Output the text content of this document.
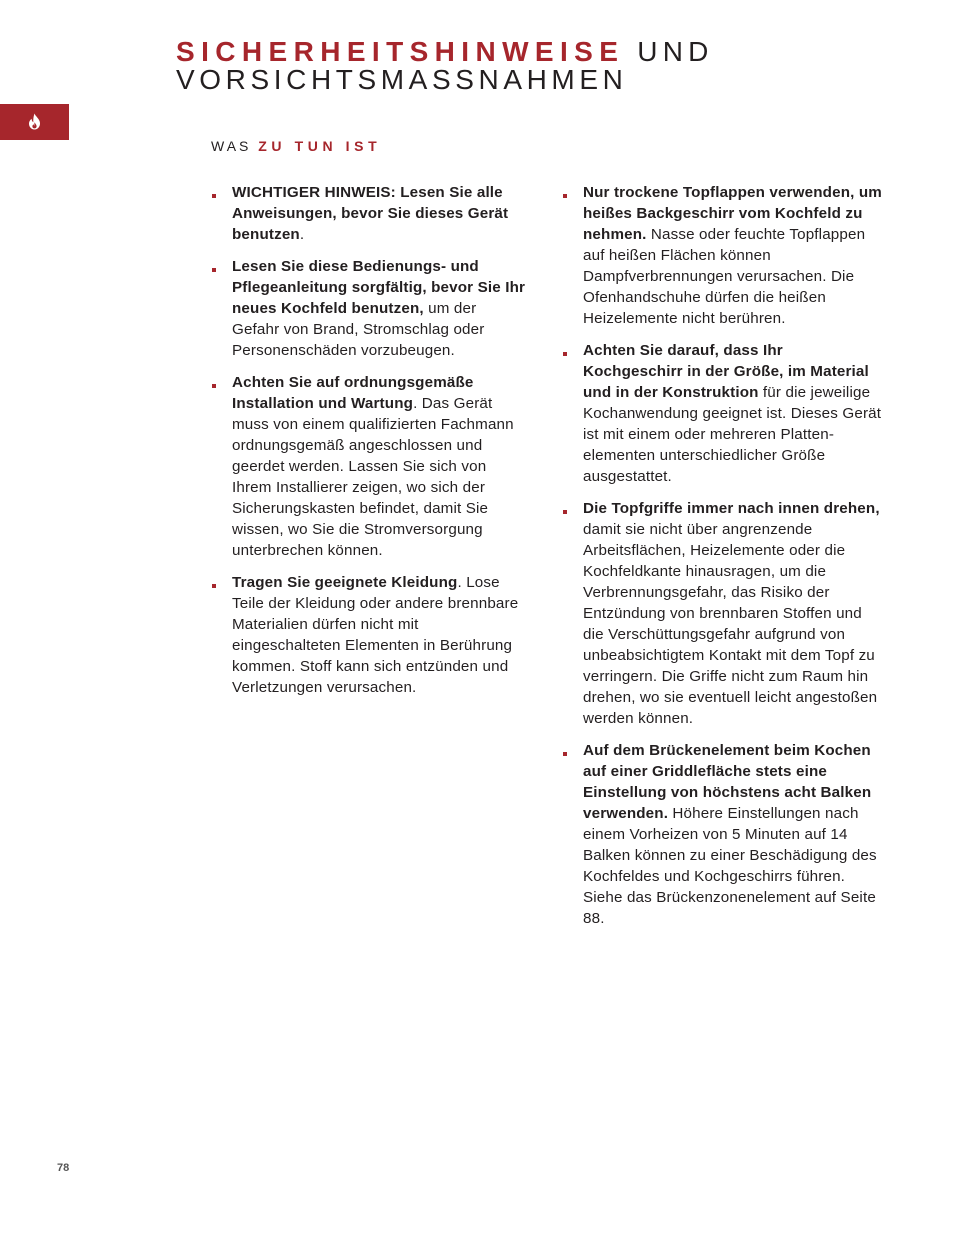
SICHERHEITSHINWEISE UND
VORSICHTSMASSNAHMEN
WAS ZU TUN IST
WICHTIGER HINWEIS: Lesen Sie alle Anweisungen, bevor Sie dieses Gerät benutzen.
Lesen Sie diese Bedienungs- und Pflegeanleitung sorgfältig, bevor Sie Ihr neues Kochfeld benutzen, um der Gefahr von Brand, Stromschlag oder Personenschäden vorzubeugen.
Achten Sie auf ordnungsgemäße Installation und Wartung. Das Gerät muss von einem qualifizierten Fachmann ordnungsgemäß angeschlossen und geerdet werden. Lassen Sie sich von Ihrem Installierer zeigen, wo sich der Sicherungskasten befindet, damit Sie wissen, wo Sie die Stromversorgung unterbrechen können.
Tragen Sie geeignete Kleidung. Lose Teile der Kleidung oder andere brennbare Materialien dürfen nicht mit eingeschalteten Elementen in Berührung kommen. Stoff kann sich entzünden und Verletzungen verursachen.
Nur trockene Topflappen verwenden, um heißes Backgeschirr vom Kochfeld zu nehmen. Nasse oder feuchte Topflappen auf heißen Flächen können Dampfverbrennungen verursachen. Die Ofenhandschuhe dürfen die heißen Heizelemente nicht berühren.
Achten Sie darauf, dass Ihr Kochgeschirr in der Größe, im Material und in der Konstruktion für die jeweilige Kochanwendung geeignet ist. Dieses Gerät ist mit einem oder mehreren Plattenelementen unterschiedlicher Größe ausgestattet.
Die Topfgriffe immer nach innen drehen, damit sie nicht über angrenzende Arbeitsflächen, Heizelemente oder die Kochfeldkante hinausragen, um die Verbrennungsgefahr, das Risiko der Entzündung von brennbaren Stoffen und die Verschüttungsgefahr aufgrund von unbeabsichtigtem Kontakt mit dem Topf zu verringern. Die Griffe nicht zum Raum hin drehen, wo sie eventuell leicht angestoßen werden können.
Auf dem Brückenelement beim Kochen auf einer Griddlefläche stets eine Einstellung von höchstens acht Balken verwenden. Höhere Einstellungen nach einem Vorheizen von 5 Minuten auf 14 Balken können zu einer Beschädigung des Kochfeldes und Kochgeschirrs führen. Siehe das Brückenzonenelement auf Seite 88.
78
